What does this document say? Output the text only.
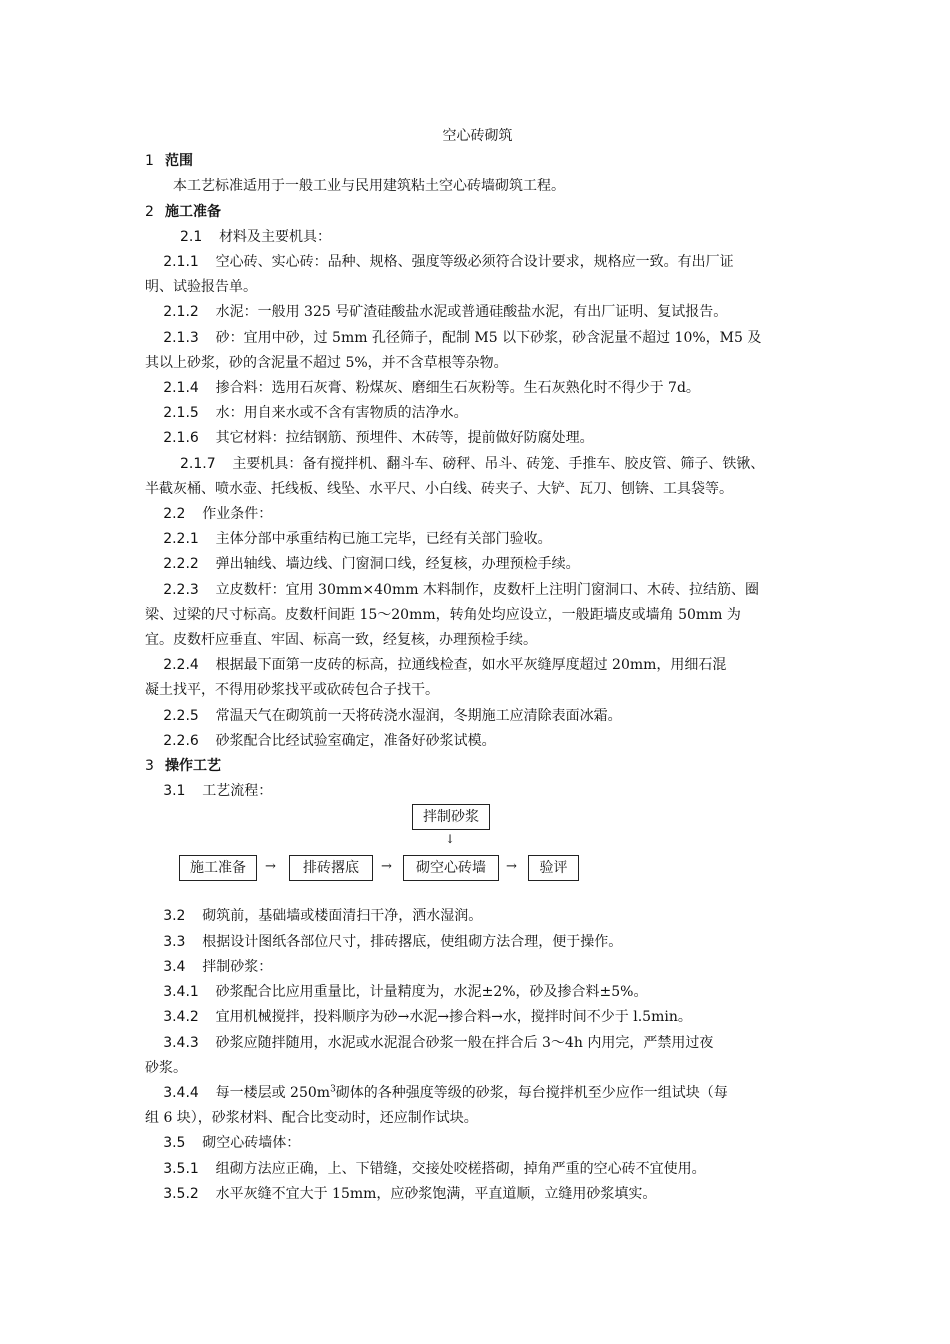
空心砖砌筑

1 范围

本工艺标准适用于一般工业与民用建筑粘土空心砖墙砌筑工程。

2 施工准备

2.1 材料及主要机具：

2.1.1 空心砖、实心砖：品种、规格、强度等级必须符合设计要求，规格应一致。有出厂证

明、试验报告单。

2.1.2 水泥：一般用 325 号矿渣硅酸盐水泥或普通硅酸盐水泥，有出厂证明、复试报告。

2.1.3 砂：宜用中砂，过 5mm 孔径筛子，配制 M5 以下砂浆，砂含泥量不超过 10%，M5 及

其以上砂浆，砂的含泥量不超过 5%，并不含草根等杂物。

2.1.4 掺合料：选用石灰膏、粉煤灰、磨细生石灰粉等。生石灰熟化时不得少于 7d。

2.1.5 水：用自来水或不含有害物质的洁净水。

2.1.6 其它材料：拉结钢筋、预埋件、木砖等，提前做好防腐处理。

2.1.7 主要机具：备有搅拌机、翻斗车、磅秤、吊斗、砖笼、手推车、胶皮管、筛子、铁锹、

半截灰桶、喷水壶、托线板、线坠、水平尺、小白线、砖夹子、大铲、瓦刀、刨锛、工具袋等。

2.2 作业条件：

2.2.1 主体分部中承重结构已施工完毕，已经有关部门验收。

2.2.2 弹出轴线、墙边线、门窗洞口线，经复核，办理预检手续。

2.2.3 立皮数杆：宜用 30mm×40mm 木料制作，皮数杆上注明门窗洞口、木砖、拉结筋、圈

梁、过梁的尺寸标高。皮数杆间距 15～20mm，转角处均应设立，一般距墙皮或墙角 50mm 为

宜。皮数杆应垂直、牢固、标高一致，经复核，办理预检手续。

2.2.4 根据最下面第一皮砖的标高，拉通线检查，如水平灰缝厚度超过 20mm，用细石混

凝土找平，不得用砂浆找平或砍砖包合子找干。

2.2.5 常温天气在砌筑前一天将砖浇水湿润，冬期施工应清除表面冰霜。

2.2.6 砂浆配合比经试验室确定，准备好砂浆试模。

3 操作工艺

3.1 工艺流程：

拌制砂浆
↓
施工准备	→	排砖撂底	→	砌空心砖墙	→	验评

3.2 砌筑前，基础墙或楼面清扫干净，洒水湿润。

3.3 根据设计图纸各部位尺寸，排砖撂底，使组砌方法合理，便于操作。

3.4 拌制砂浆：

3.4.1 砂浆配合比应用重量比，计量精度为，水泥±2%，砂及掺合料±5%。

3.4.2 宜用机械搅拌，投料顺序为砂→水泥→掺合料→水，搅拌时间不少于 l.5min。

3.4.3 砂浆应随拌随用，水泥或水泥混合砂浆一般在拌合后 3～4h 内用完，严禁用过夜

砂浆。

3.4.4 每一楼层或 $250m^3$砌体的各种强度等级的砂浆，每台搅拌机至少应作一组试块（每

组 6 块），砂浆材料、配合比变动时，还应制作试块。

3.5 砌空心砖墙体：

3.5.1 组砌方法应正确，上、下错缝，交接处咬槎搭砌，掉角严重的空心砖不宜使用。

3.5.2 水平灰缝不宜大于 15mm，应砂浆饱满，平直道顺，立缝用砂浆填实。
